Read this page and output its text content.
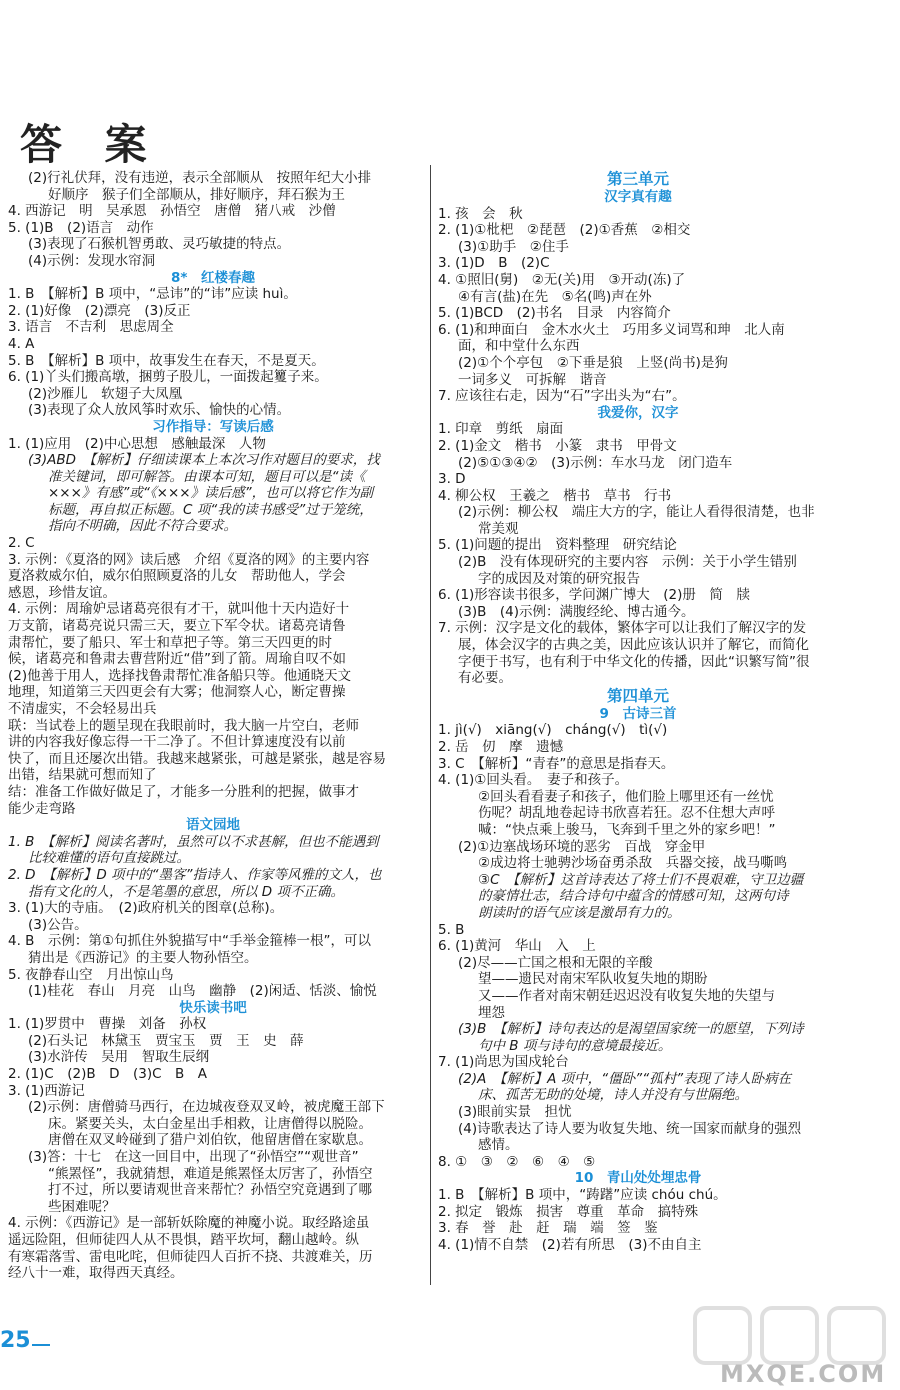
答 案
(2)行礼伏拜，没有违逆，表示全部顺从　按照年纪大小排
好顺序　猴子们全部顺从，排好顺序，拜石猴为王
4. 西游记　明　吴承恩　孙悟空　唐僧　猪八戒　沙僧
5. (1)B　(2)语言　动作
(3)表现了石猴机智勇敢、灵巧敏捷的特点。
(4)示例：发现水帘洞
8*　红楼春趣
1. B　【解析】B 项中，“忌讳”的“讳”应读 huì。
2. (1)好像　(2)漂亮　(3)反正
3. 语言　不吉利　思虑周全
4. A
5. B　【解析】B 项中，故事发生在春天，不是夏天。
6. (1)丫头们搬高墩，捆剪子股儿，一面拨起籰子来。
(2)沙雁儿　软翅子大凤凰
(3)表现了众人放风筝时欢乐、愉快的心情。
习作指导：写读后感
1. (1)应用　(2)中心思想　感触最深　人物
(3)ABD　【解析】仔细读课本上本次习作对题目的要求，找
准关键词，即可解答。由课本可知，题目可以是“读《
×××》有感”或“《×××》读后感”，也可以将它作为副
标题，再自拟正标题。C 项“我的读书感受”过于笼统，
指向不明确，因此不符合要求。
2. C
3. 示例：《夏洛的网》读后感　介绍《夏洛的网》的主要内容
夏洛救威尔伯，威尔伯照顾夏洛的儿女　帮助他人，学会
感恩，珍惜友谊。
4. 示例：周瑜妒忌诸葛亮很有才干，就叫他十天内造好十
万支箭，诸葛亮说只需三天，要立下军令状。诸葛亮请鲁
肃帮忙，要了船只、军士和草把子等。第三天四更的时
候，诸葛亮和鲁肃去曹营附近“借”到了箭。周瑜自叹不如
(2)他善于用人，选择找鲁肃帮忙准备船只等。他通晓天文
地理，知道第三天四更会有大雾；他洞察人心，断定曹操
不清虚实，不会轻易出兵
联：当试卷上的题呈现在我眼前时，我大脑一片空白，老师
讲的内容我好像忘得一干二净了。不但计算速度没有以前
快了，而且还屡次出错。我越来越紧张，可越是紧张，越是容易
出错，结果就可想而知了
结：准备工作做好做足了，才能多一分胜利的把握，做事才
能少走弯路
语文园地
1. B　【解析】阅读名著时，虽然可以不求甚解，但也不能遇到
比较难懂的语句直接跳过。
2. D　【解析】D 项中的“墨客”指诗人、作家等风雅的文人，也
指有文化的人，不是笔墨的意思，所以 D 项不正确。
3. (1)大的寺庙。　(2)政府机关的图章(总称)。
(3)公告。
4. B　示例：第①句抓住外貌描写中“手举金箍棒一根”，可以
猜出是《西游记》的主要人物孙悟空。
5. 夜静春山空　月出惊山鸟
(1)桂花　春山　月亮　山鸟　幽静　(2)闲适、恬淡、愉悦
快乐读书吧
1. (1)罗贯中　曹操　刘备　孙权
(2)石头记　林黛玉　贾宝玉　贾　王　史　薛
(3)水浒传　吴用　智取生辰纲
2. (1)C　(2)B　D　(3)C　B　A
3. (1)西游记
(2)示例：唐僧骑马西行，在边城夜登双叉岭，被虎魔王部下
床。紧要关头，太白金星出手相救，让唐僧得以脱险。
唐僧在双叉岭碰到了猎户刘伯钦，他留唐僧在家歇息。
(3)答：十七　在这一回目中，出现了“孙悟空”“观世音”
“熊罴怪”，我就猜想，难道是熊罴怪太厉害了，孙悟空
打不过，所以要请观世音来帮忙？孙悟空究竟遇到了哪
些困难呢？
4. 示例：《西游记》是一部斩妖除魔的神魔小说。取经路途虽
遥远险阻，但师徒四人从不畏惧，踏平坎坷，翻山越岭。纵
有寒霜落雪、雷电叱咤，但师徒四人百折不挠、共渡难关，历
经八十一难，取得西天真经。
第三单元
汉字真有趣
1. 孩　会　秋
2. (1)①枇杷　②琵琶　(2)①香蕉　②相交
(3)①助手　②住手
3. (1)D　B　(2)C
4. ①照旧(舅)　②无(关)用　③开动(冻)了
④有言(盐)在先　⑤名(鸣)声在外
5. (1)BCD　(2)书名　目录　内容简介
6. (1)和珅面白　金木水火土　巧用多义词骂和珅　北人南
面，和中堂什么东西
(2)①个个亭包　②下垂是狼　上竖(尚书)是狗
一词多义　可拆解　谐音
7. 应该往右走，因为“石”字出头为“右”。
我爱你，汉字
1. 印章　剪纸　扇面
2. (1)金文　楷书　小篆　隶书　甲骨文
(2)⑤①③④②　(3)示例：车水马龙　闭门造车
3. D
4. 柳公权　王羲之　楷书　草书　行书
(2)示例：柳公权　端庄大方的字，能让人看得很清楚，也非
常美观
5. (1)问题的提出　资料整理　研究结论
(2)B　没有体现研究的主要内容　示例：关于小学生错别
字的成因及对策的研究报告
6. (1)形容读书很多，学问渊广博大　(2)册　简　牍
(3)B　(4)示例：满腹经纶、博古通今。
7. 示例：汉字是文化的载体，繁体字可以让我们了解汉字的发
展，体会汉字的古典之美，因此应该认识并了解它，而简化
字便于书写，也有利于中华文化的传播，因此“识繁写简”很
有必要。
第四单元
9　古诗三首
1. jì(√)　xiāng(√)　cháng(√)　tì(√)
2. 岳　仞　摩　遗憾
3. C　【解析】“青春”的意思是指春天。
4. (1)①回头看。　妻子和孩子。
②回头看看妻子和孩子，他们脸上哪里还有一丝忧
伤呢？胡乱地卷起诗书欣喜若狂。忍不住想大声呼
喊：“快点乘上骏马，飞奔到千里之外的家乡吧！”
(2)①边塞战场环境的恶劣　百战　穿金甲
②成边将士驰骋沙场奋勇杀敌　兵器交接，战马嘶鸣
③C　【解析】这首诗表达了将士们不畏艰难，守卫边疆
的豪情壮志，结合诗句中蕴含的情感可知，这两句诗
朗读时的语气应该是激昂有力的。
5. B
6. (1)黄河　华山　入　上
(2)尽——亡国之根和无限的辛酸
望——遗民对南宋军队收复失地的期盼
又——作者对南宋朝廷迟迟没有收复失地的失望与
埋怨
(3)B　【解析】诗句表达的是渴望国家统一的愿望，下列诗
句中 B 项与诗句的意境最接近。
7. (1)尚思为国戍轮台
(2)A　【解析】A 项中，“僵卧”“孤村”表现了诗人卧病在
床、孤苦无助的处境，诗人并没有与世隔绝。
(3)眼前实景　担忧
(4)诗歌表达了诗人要为收复失地、统一国家而献身的强烈
感情。
8. ①　③　②　⑥　④　⑤
10　青山处处埋忠骨
1. B　【解析】B 项中，“踌躇”应读 chóu chú。
2. 拟定　锻炼　损害　尊重　革命　搞特殊
3. 春　誉　赴　赶　瑞　端　签　鉴
4. (1)情不自禁　(2)若有所思　(3)不由自主
25
MXQE.COM
